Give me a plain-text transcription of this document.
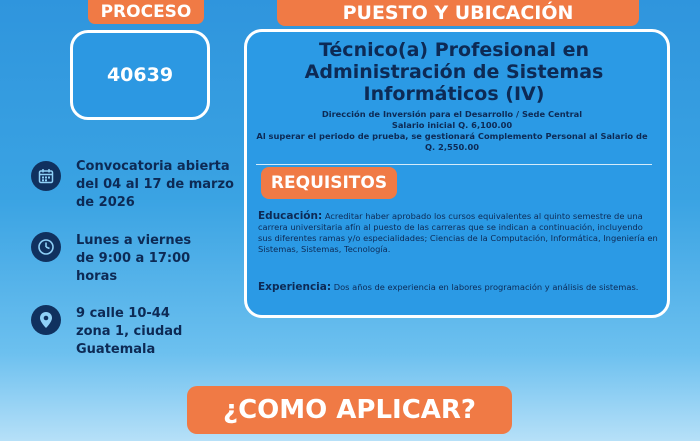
PROCESO
40639
PUESTO Y UBICACIÓN
Técnico(a) Profesional en Administración de Sistemas Informáticos (IV)
Dirección de Inversión para el Desarrollo / Sede Central
Salario inicial Q. 6,100.00
Al superar el periodo de prueba, se gestionará Complemento Personal al Salario de Q. 2,550.00
REQUISITOS
Educación: Acreditar haber aprobado los cursos equivalentes al quinto semestre de una carrera universitaria afín al puesto de las carreras que se indican a continuación, incluyendo sus diferentes ramas y/o especialidades; Ciencias de la Computación, Informática, Ingeniería en Sistemas, Sistemas, Tecnología.
Experiencia: Dos años de experiencia en labores programación y análisis de sistemas.
Convocatoria abierta
del 04 al 17 de marzo
de 2026
Lunes a viernes
de 9:00 a 17:00
horas
9 calle 10-44
zona 1, ciudad
Guatemala
¿COMO APLICAR?
